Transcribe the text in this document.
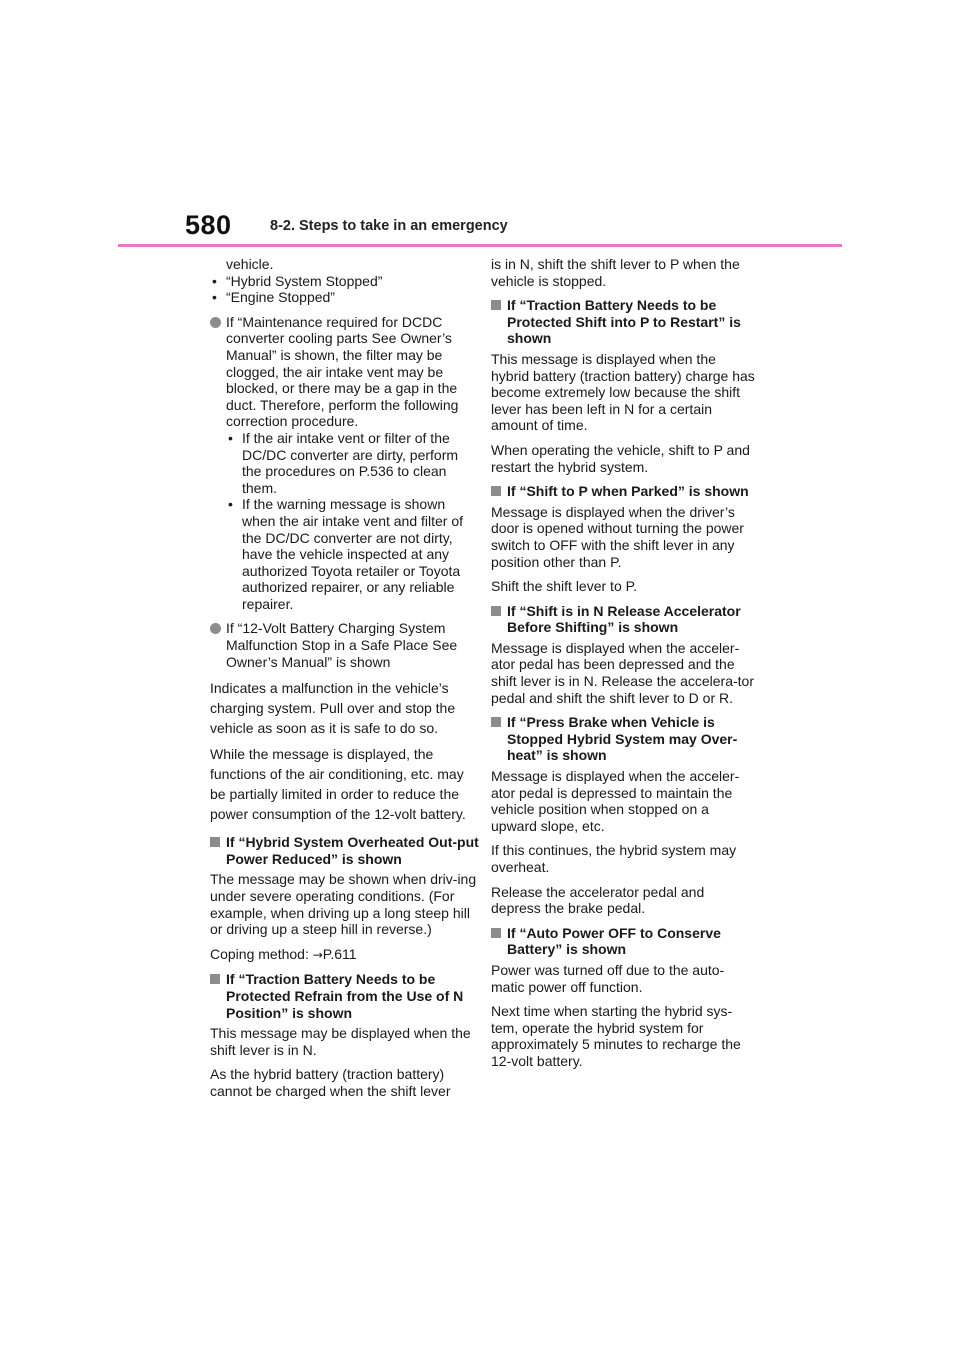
580	8-2. Steps to take in an emergency

vehicle.

• “Hybrid System Stopped”
• “Engine Stopped”
If “Maintenance required for DCDC converter cooling parts See Owner’s Manual” is shown, the filter may be clogged, the air intake vent may be blocked, or there may be a gap in the duct. Therefore, perform the following correction procedure.
• If the air intake vent or filter of the DC/DC converter are dirty, perform the procedures on P.536 to clean them.
• If the warning message is shown when the air intake vent and filter of the DC/DC converter are not dirty, have the vehicle inspected at any authorized Toyota retailer or Toyota authorized repairer, or any reliable repairer.
If “12-Volt Battery Charging System Malfunction Stop in a Safe Place See Owner’s Manual” is shown

Indicates a malfunction in the vehicle’s charging system. Pull over and stop the vehicle as soon as it is safe to do so.

While the message is displayed, the functions of the air conditioning, etc. may be partially limited in order to reduce the power consumption of the 12-volt battery.

If “Hybrid System Overheated Out-put Power Reduced” is shown

The message may be shown when driv-ing under severe operating conditions. (For example, when driving up a long steep hill or driving up a steep hill in reverse.)

Coping method: →P.611

If “Traction Battery Needs to be Protected Refrain from the Use of N Position” is shown

This message may be displayed when the shift lever is in N.

As the hybrid battery (traction battery) cannot be charged when the shift lever

is in N, shift the shift lever to P when the vehicle is stopped.

If “Traction Battery Needs to be Protected Shift into P to Restart” is shown

This message is displayed when the hybrid battery (traction battery) charge has become extremely low because the shift lever has been left in N for a certain amount of time.

When operating the vehicle, shift to P and restart the hybrid system.

If “Shift to P when Parked” is shown

Message is displayed when the driver’s door is opened without turning the power switch to OFF with the shift lever in any position other than P.

Shift the shift lever to P.

If “Shift is in N Release Accelerator Before Shifting” is shown

Message is displayed when the acceler-ator pedal has been depressed and the shift lever is in N. Release the accelera-tor pedal and shift the shift lever to D or R.

If “Press Brake when Vehicle is Stopped Hybrid System may Over-heat” is shown

Message is displayed when the acceler-ator pedal is depressed to maintain the vehicle position when stopped on a upward slope, etc.

If this continues, the hybrid system may overheat.

Release the accelerator pedal and depress the brake pedal.

If “Auto Power OFF to Conserve Battery” is shown

Power was turned off due to the auto-matic power off function.

Next time when starting the hybrid sys-tem, operate the hybrid system for approximately 5 minutes to recharge the 12-volt battery.
